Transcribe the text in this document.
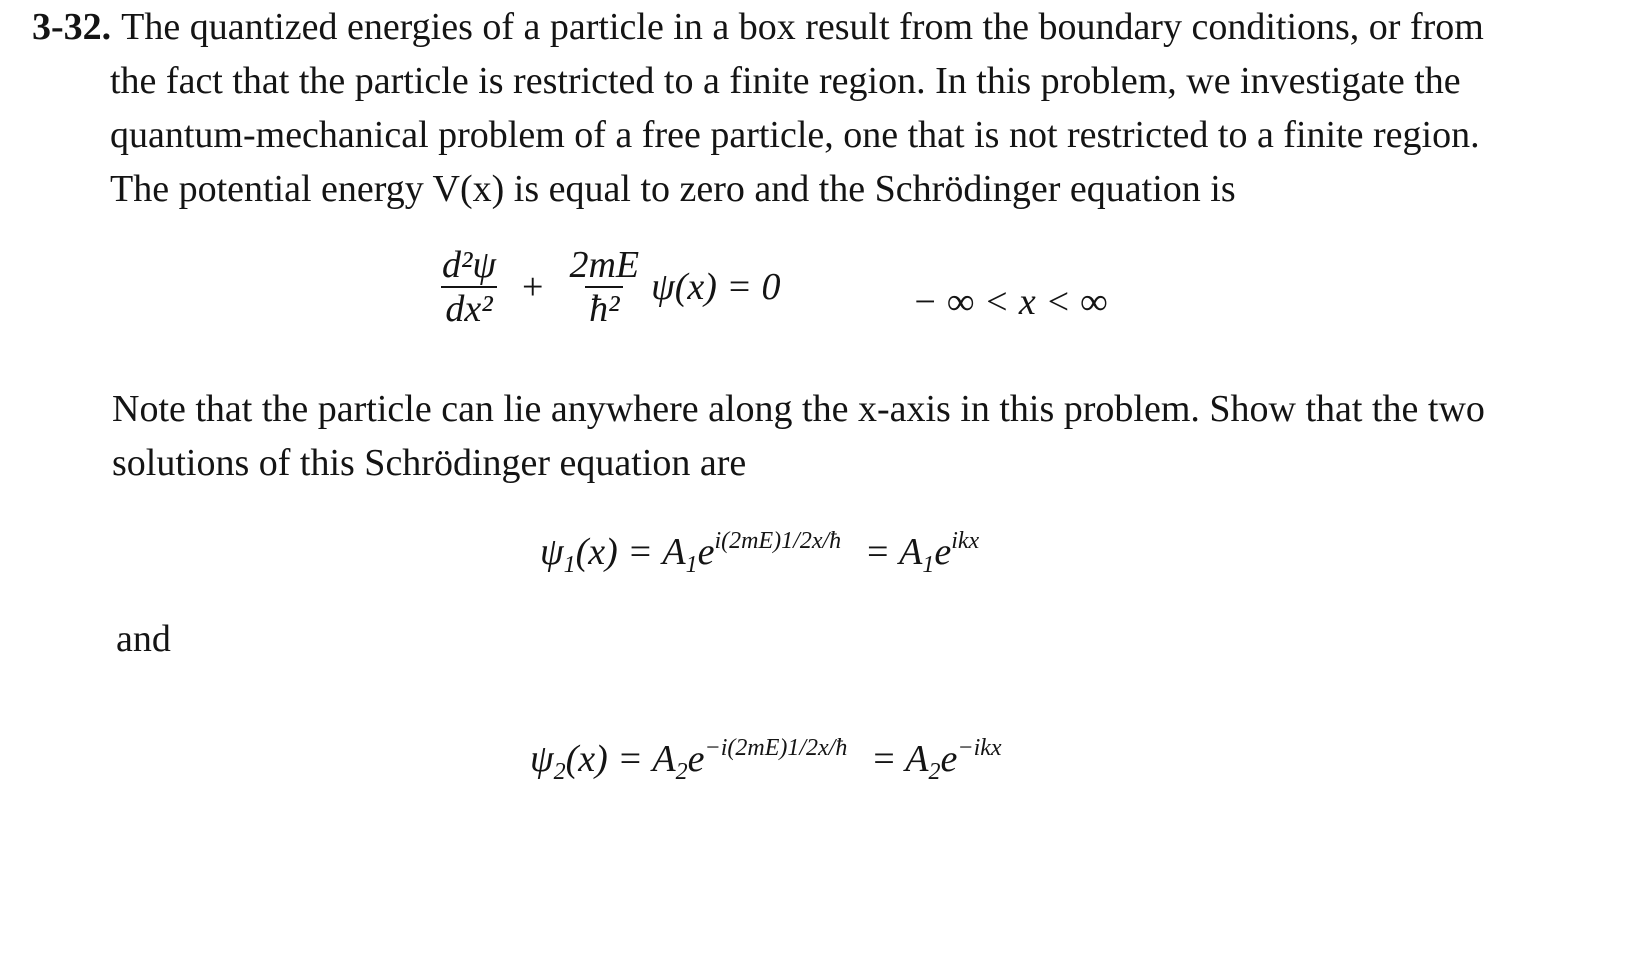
3-32. The quantized energies of a particle in a box result from the boundary conditions, or from
the fact that the particle is restricted to a finite region. In this problem, we investigate the
quantum-mechanical problem of a free particle, one that is not restricted to a finite region.
The potential energy V(x) is equal to zero and the Schrödinger equation is
$\frac{\text{d²ψ}}{\text{dx²}} + \frac{2mE}{\text{ħ²}} \psi(x) = 0$	− ∞ < x < ∞
Note that the particle can lie anywhere along the x-axis in this problem. Show that the two
solutions of this Schrödinger equation are
$\psi_1(x) = A_1e^{i(2mE)1/2x/ħ} = A_1e^{ikx}$
and
$\psi_2(x) = A_2e^{-i(2mE)1/2x/ħ} = A_2e^{-ikx}$
